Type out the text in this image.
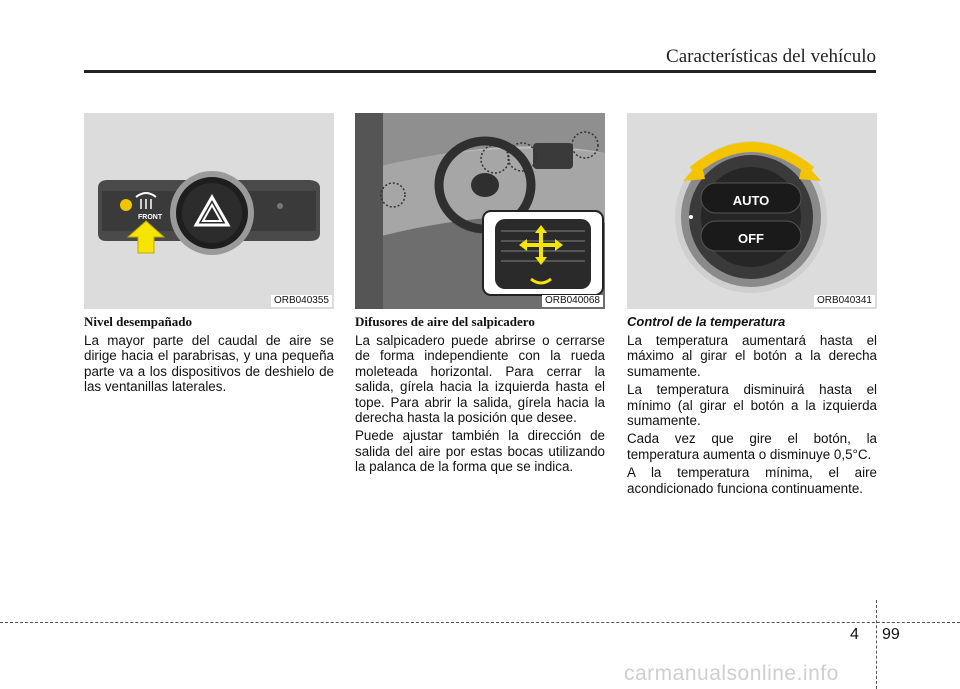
Características del vehículo
FRONT
ORB040355
Nivel desempañado

La mayor parte del caudal de aire se dirige hacia el parabrisas, y una pequeña parte va a los dispositivos de deshielo de las ventanillas laterales.

ORB040068
Difusores de aire del salpicadero

La salpicadero puede abrirse o cerrarse de forma independiente con la rueda moleteada horizontal. Para cerrar la salida, gírela hacia la izquierda hasta el tope. Para abrir la salida, gírela hacia la derecha hasta la posición que desee.

Puede ajustar también la dirección de salida del aire por estas bocas utilizando la palanca de la forma que se indica.

AUTO
OFF
ORB040341
Control de la temperatura

La temperatura aumentará hasta el máximo al girar el botón a la derecha sumamente.

La temperatura disminuirá hasta el mínimo (al girar el botón a la izquierda sumamente.

Cada vez que gire el botón, la temperatura aumenta o disminuye 0,5°C.

A la temperatura mínima, el aire acondicionado funciona continuamente.

4 99
carmanualsonline.info
